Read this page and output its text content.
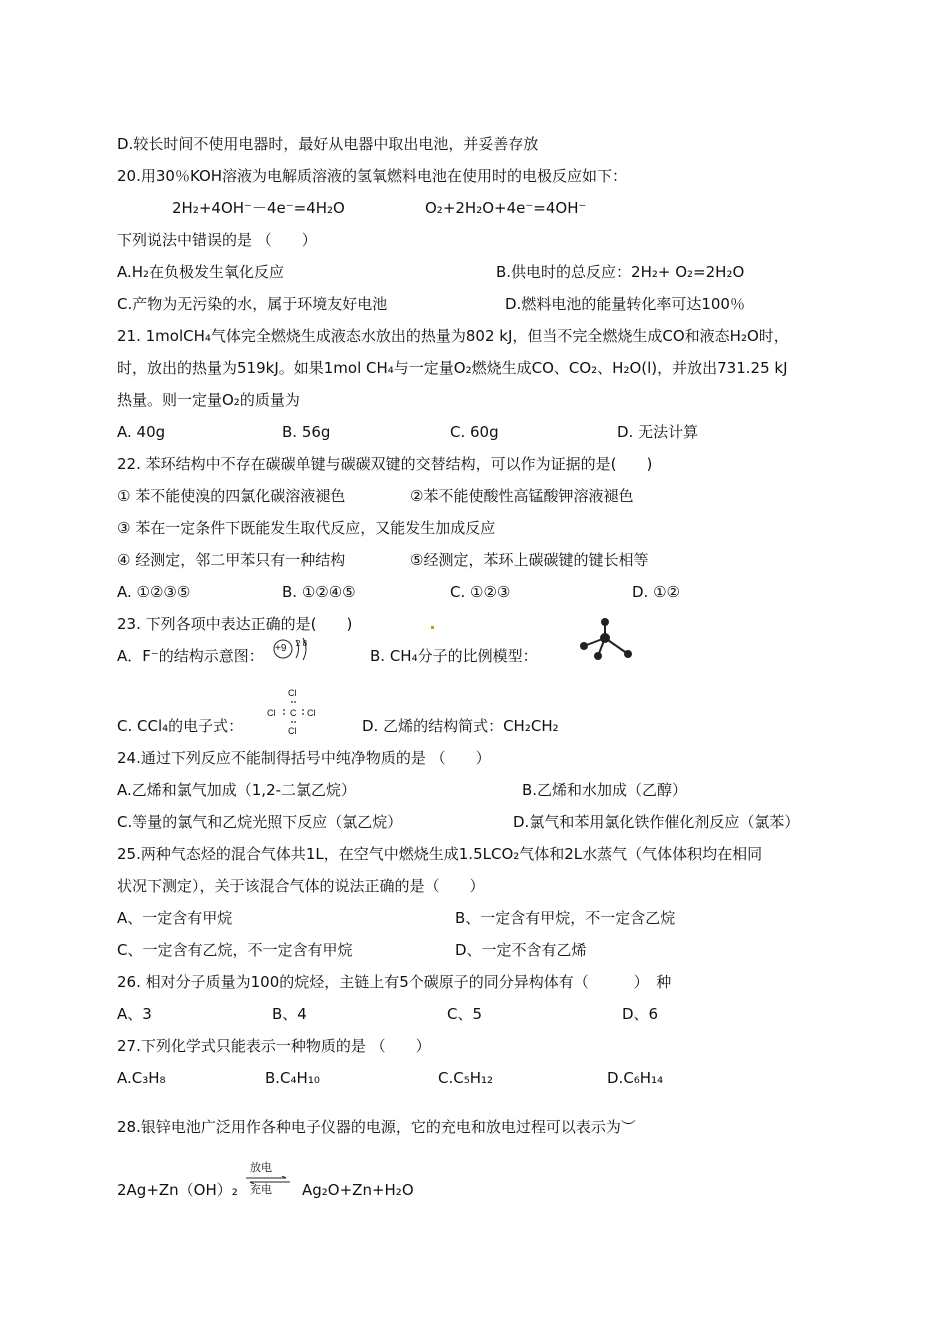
D.较长时间不使用电器时，最好从电器中取出电池，并妥善存放
20.用30％KOH溶液为电解质溶液的氢氧燃料电池在使用时的电极反应如下：
2H₂+4OH⁻－4e⁻=4H₂O	O₂+2H₂O+4e⁻=4OH⁻
下列说法中错误的是 （　　）
A.H₂在负极发生氧化反应	B.供电时的总反应：2H₂+ O₂=2H₂O
C.产物为无污染的水，属于环境友好电池	D.燃料电池的能量转化率可达100％
21. 1molCH₄气体完全燃烧生成液态水放出的热量为802 kJ，但当不完全燃烧生成CO和液态H₂O时，
时，放出的热量为519kJ。如果1mol CH₄与一定量O₂燃烧生成CO、CO₂、H₂O(l)，并放出731.25 kJ
热量。则一定量O₂的质量为
A. 40g	B. 56g	C. 60g	D. 无法计算
22. 苯环结构中不存在碳碳单键与碳碳双键的交替结构，可以作为证据的是(　　)
① 苯不能使溴的四氯化碳溶液褪色	②苯不能使酸性高锰酸钾溶液褪色
③ 苯在一定条件下既能发生取代反应，又能发生加成反应
④ 经测定，邻二甲苯只有一种结构	⑤经测定，苯环上碳碳键的键长相等
A. ①②③⑤	B. ①②④⑤	C. ①②③	D. ①②
23. 下列各项中表达正确的是(　　)
A．F⁻的结构示意图： +9 2 8
B. CH₄分子的比例模型：
C. CCl₄的电子式：
Cl
Cl C Cl
Cl	D. 乙烯的结构简式：CH₂CH₂
24.通过下列反应不能制得括号中纯净物质的是 （　　）
A.乙烯和氯气加成（1,2-二氯乙烷）	B.乙烯和水加成（乙醇）
C.等量的氯气和乙烷光照下反应（氯乙烷）	D.氯气和苯用氯化铁作催化剂反应（氯苯）
25.两种气态烃的混合气体共1L，在空气中燃烧生成1.5LCO₂气体和2L水蒸气（气体体积均在相同
状况下测定），关于该混合气体的说法正确的是（　　）
A、一定含有甲烷	B、一定含有甲烷，不一定含乙烷
C、一定含有乙烷，不一定含有甲烷	D、一定不含有乙烯
26. 相对分子质量为100的烷烃，主链上有5个碳原子的同分异构体有（　　　）　种
A、3	B、4	C、5	D、6
27.下列化学式只能表示一种物质的是 （　　）
A.C₃H₈	B.C₄H₁₀	C.C₅H₁₂	D.C₆H₁₄
28.银锌电池广泛用作各种电子仪器的电源，它的充电和放电过程可以表示为︶
2Ag+Zn（OH）₂
放电
充电 Ag₂O+Zn+H₂O
